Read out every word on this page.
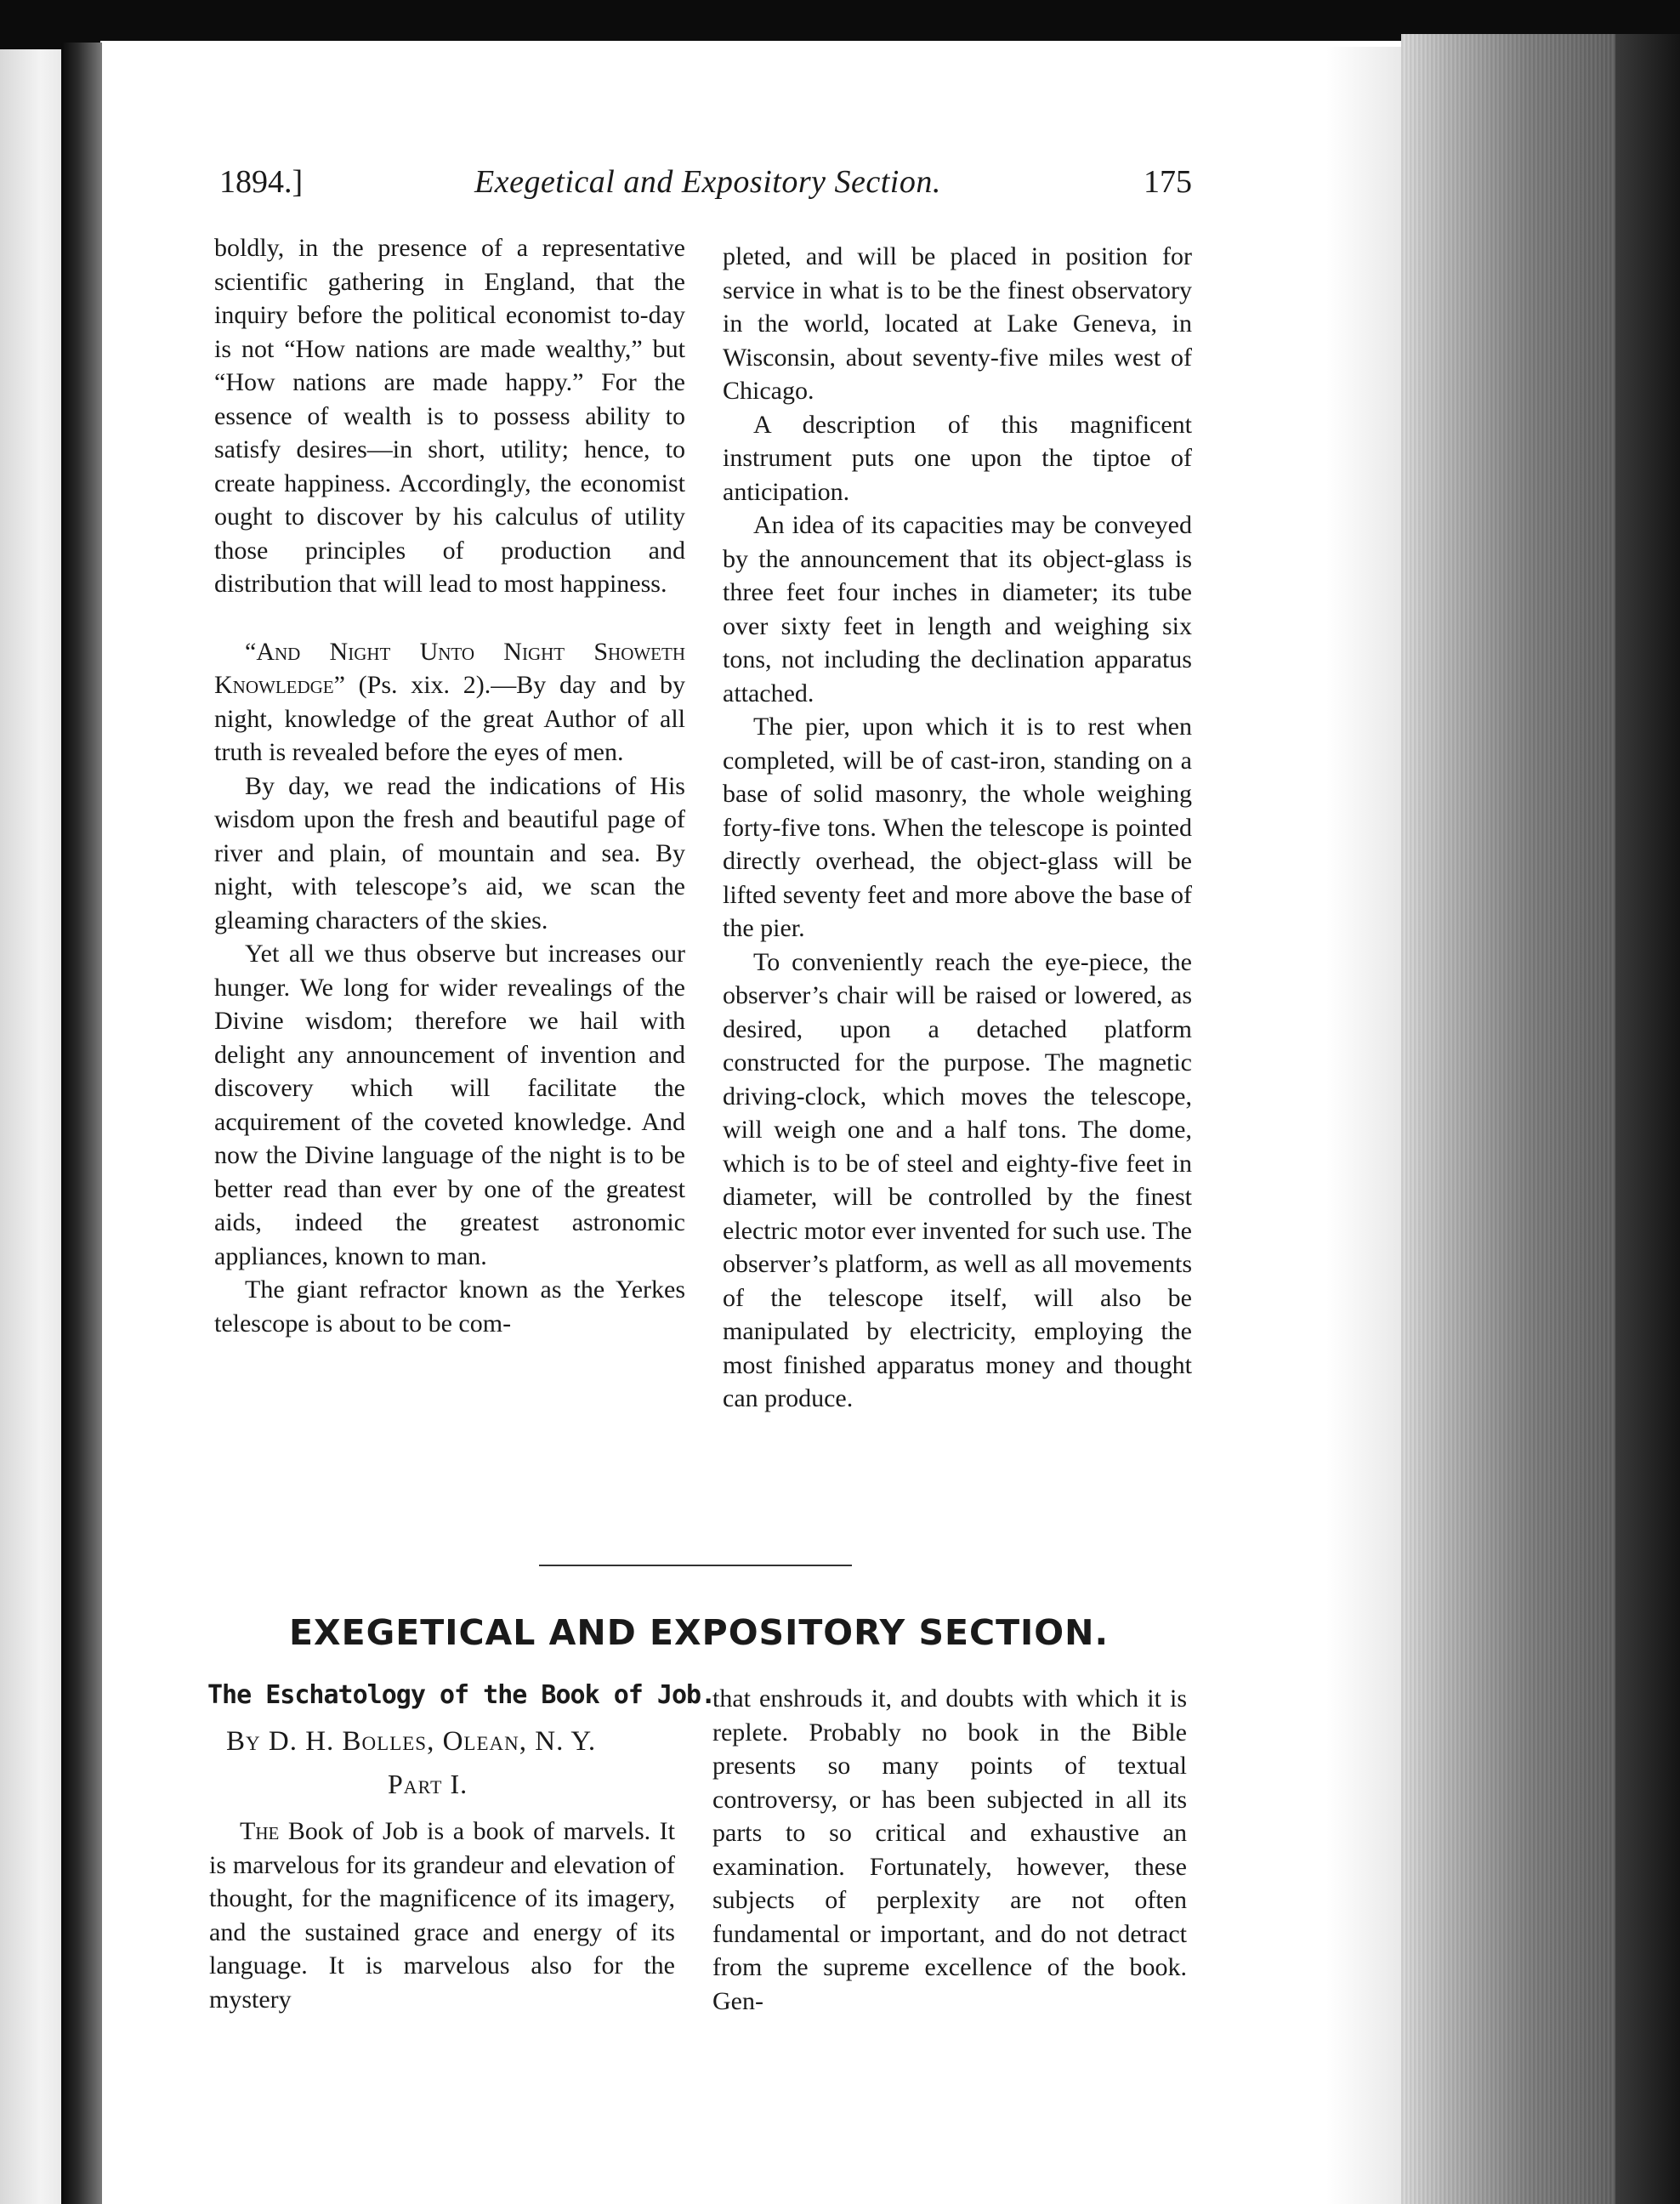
1894.]	Exegetical and Expository Section.	175

boldly, in the presence of a representative scientific gathering in England, that the inquiry before the political economist to-day is not “How nations are made wealthy,” but “How nations are made happy.” For the essence of wealth is to possess ability to satisfy desires—in short, utility; hence, to create happiness. Accordingly, the economist ought to discover by his calculus of utility those principles of production and distribution that will lead to most happiness.

“And Night Unto Night Showeth Knowledge” (Ps. xix. 2).—By day and by night, knowledge of the great Author of all truth is revealed before the eyes of men.

By day, we read the indications of His wisdom upon the fresh and beautiful page of river and plain, of mountain and sea. By night, with telescope’s aid, we scan the gleaming characters of the skies.

Yet all we thus observe but increases our hunger. We long for wider revealings of the Divine wisdom; therefore we hail with delight any announcement of invention and discovery which will facilitate the acquirement of the coveted knowledge. And now the Divine language of the night is to be better read than ever by one of the greatest aids, indeed the greatest astronomic appliances, known to man.

The giant refractor known as the Yerkes telescope is about to be com-

pleted, and will be placed in position for service in what is to be the finest observatory in the world, located at Lake Geneva, in Wisconsin, about seventy-five miles west of Chicago.

A description of this magnificent instrument puts one upon the tiptoe of anticipation.

An idea of its capacities may be conveyed by the announcement that its object-glass is three feet four inches in diameter; its tube over sixty feet in length and weighing six tons, not including the declination apparatus attached.

The pier, upon which it is to rest when completed, will be of cast-iron, standing on a base of solid masonry, the whole weighing forty-five tons. When the telescope is pointed directly overhead, the object-glass will be lifted seventy feet and more above the base of the pier.

To conveniently reach the eye-piece, the observer’s chair will be raised or lowered, as desired, upon a detached platform constructed for the purpose. The magnetic driving-clock, which moves the telescope, will weigh one and a half tons. The dome, which is to be of steel and eighty-five feet in diameter, will be controlled by the finest electric motor ever invented for such use. The observer’s platform, as well as all movements of the telescope itself, will also be manipulated by electricity, employing the most finished apparatus money and thought can produce.

EXEGETICAL AND EXPOSITORY SECTION.
The Eschatology of the Book of Job.
By D. H. Bolles, Olean, N. Y.
Part I.

The Book of Job is a book of marvels. It is marvelous for its grandeur and elevation of thought, for the magnificence of its imagery, and the sustained grace and energy of its language. It is marvelous also for the mystery

that enshrouds it, and doubts with which it is replete. Probably no book in the Bible presents so many points of textual controversy, or has been subjected in all its parts to so critical and exhaustive an examination. Fortunately, however, these subjects of perplexity are not often fundamental or important, and do not detract from the supreme excellence of the book. Gen-
